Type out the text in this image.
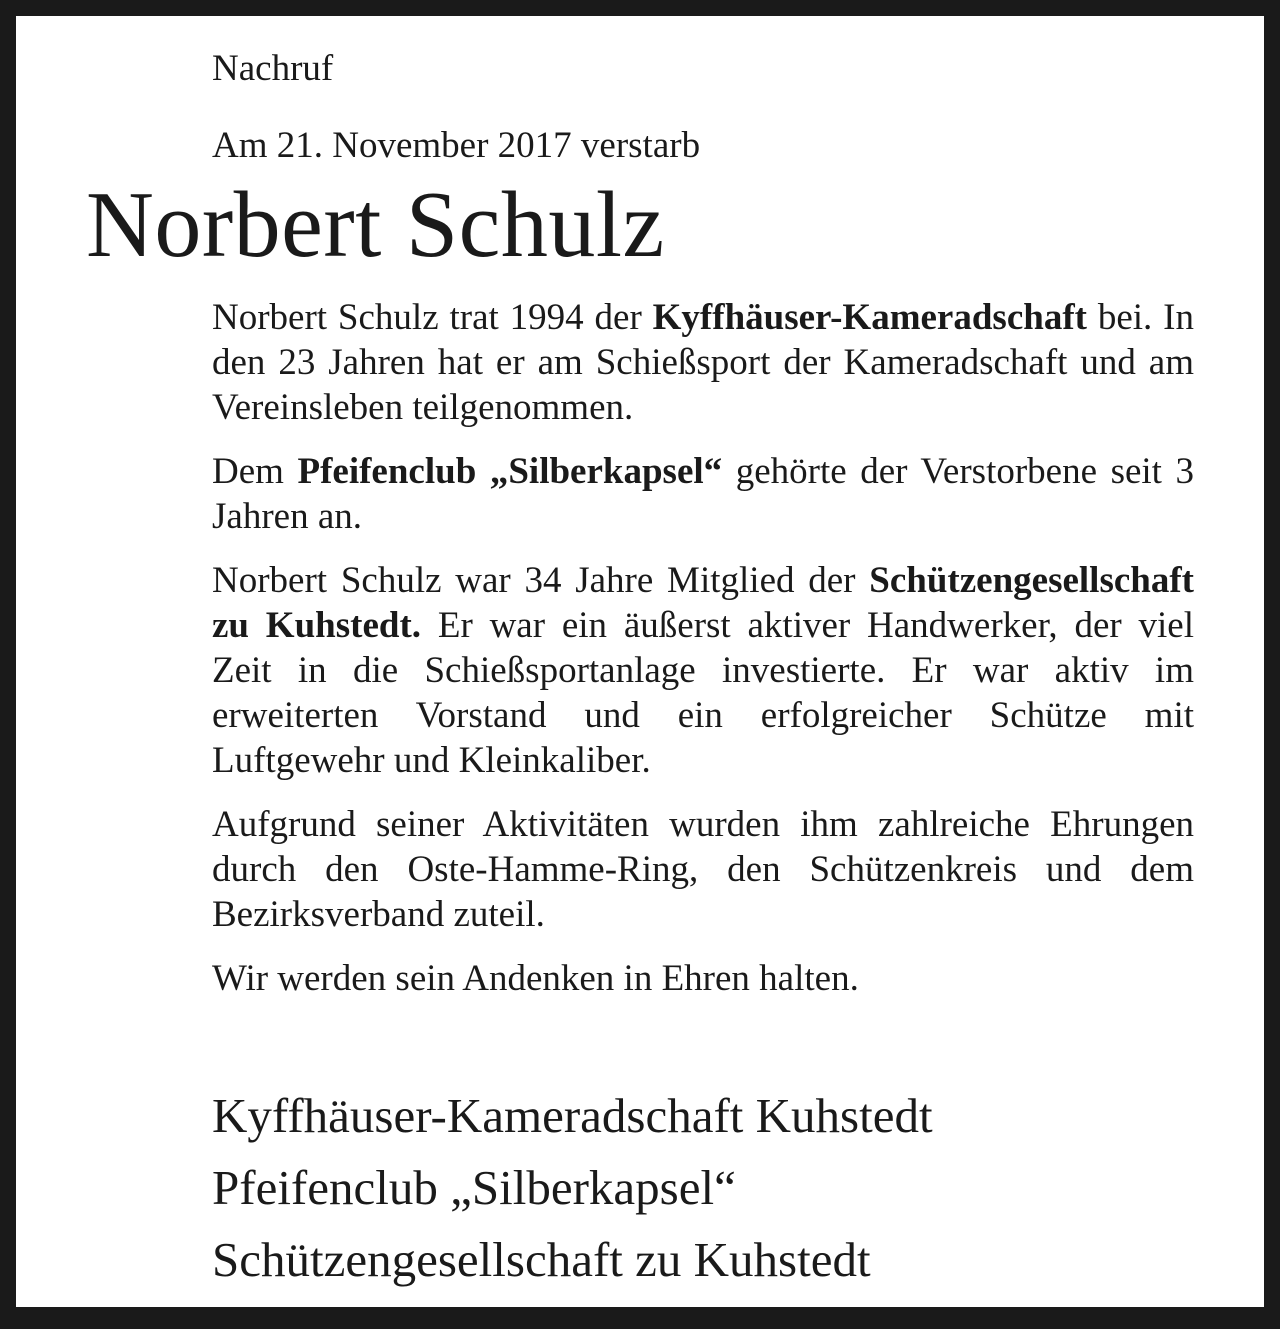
Nachruf
Am 21. November 2017 verstarb
Norbert Schulz

Norbert Schulz trat 1994 der Kyffhäuser-Kameradschaft bei. In den 23 Jahren hat er am Schießsport der Kameradschaft und am Vereinsleben teilgenommen.

Dem Pfeifenclub „Silberkapsel“ gehörte der Verstorbene seit 3 Jahren an.

Norbert Schulz war 34 Jahre Mitglied der Schützengesellschaft zu Kuhstedt. Er war ein äußerst aktiver Handwerker, der viel Zeit in die Schießsportanlage investierte. Er war aktiv im erweiterten Vorstand und ein erfolgreicher Schütze mit Luftgewehr und Kleinkaliber.

Aufgrund seiner Aktivitäten wurden ihm zahlreiche Ehrungen durch den Oste-Hamme-Ring, den Schützenkreis und dem Bezirksverband zuteil.

Wir werden sein Andenken in Ehren halten.

Kyffhäuser-Kameradschaft Kuhstedt
Pfeifenclub „Silberkapsel“
Schützengesellschaft zu Kuhstedt
